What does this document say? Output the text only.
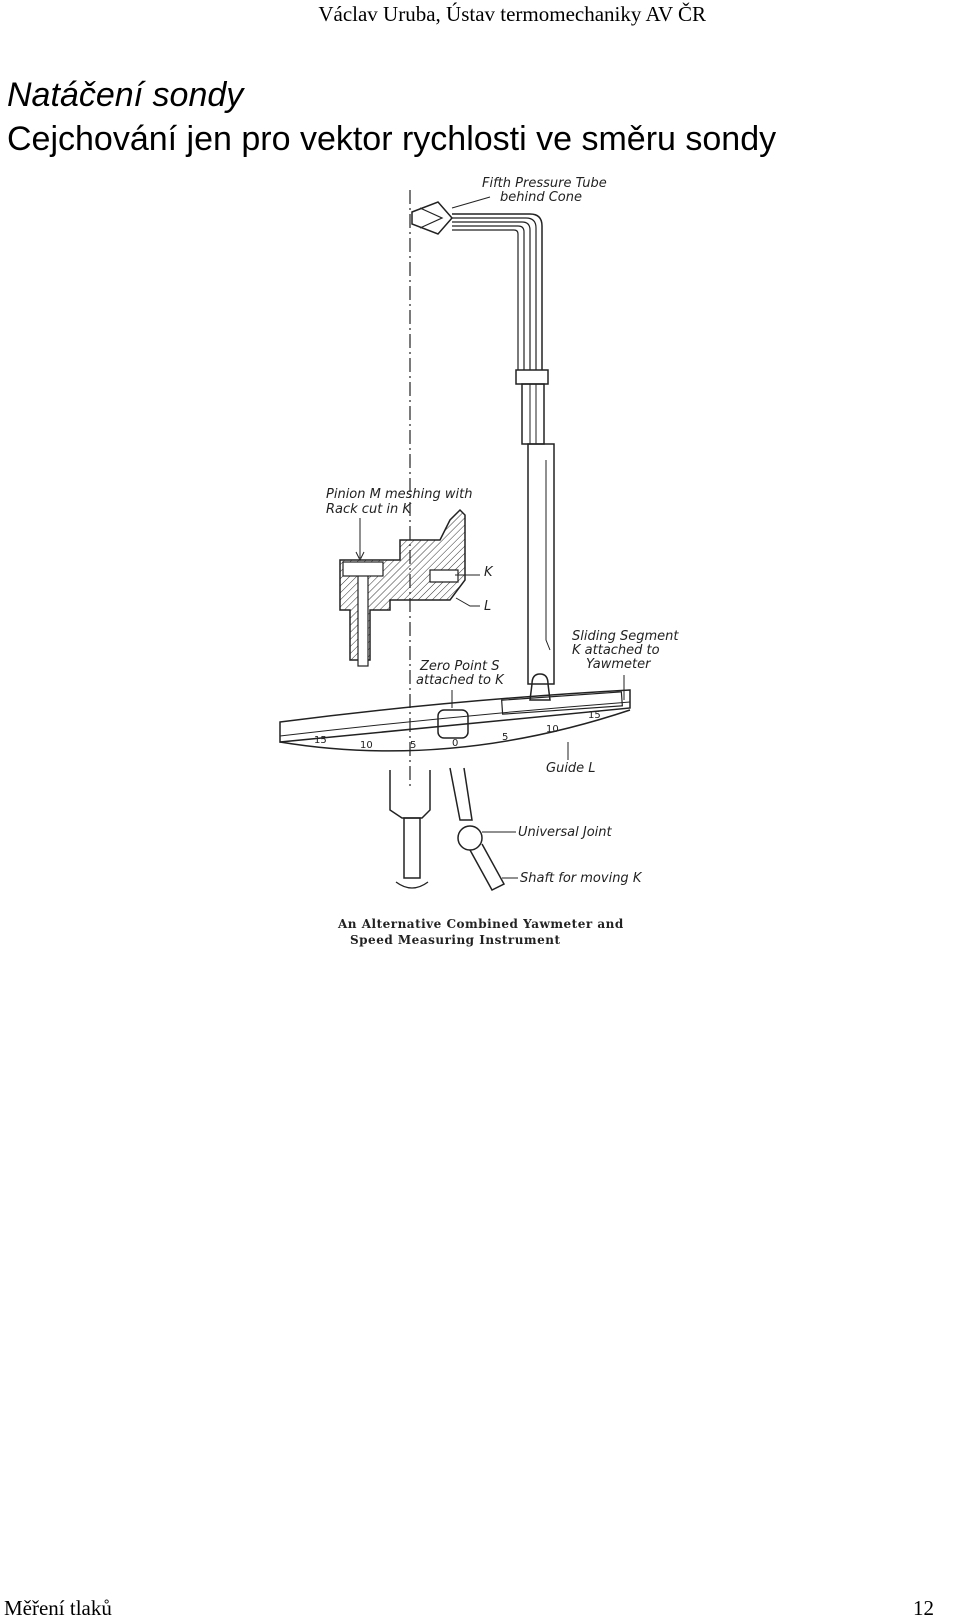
Václav Uruba, Ústav termomechaniky AV ČR
Natáčení sondy
Cejchování jen pro vektor rychlosti ve směru sondy
Fifth Pressure Tube
behind Cone
Pinion M meshing with
Rack cut in K
K
L
Sliding Segment
K attached to
Yawmeter
Zero Point S
attached to K
15	10	5	0
5
10
15
Guide L
Universal Joint
Shaft for moving K
An Alternative Combined Yawmeter and
Speed Measuring Instrument
Měření tlaků	12
